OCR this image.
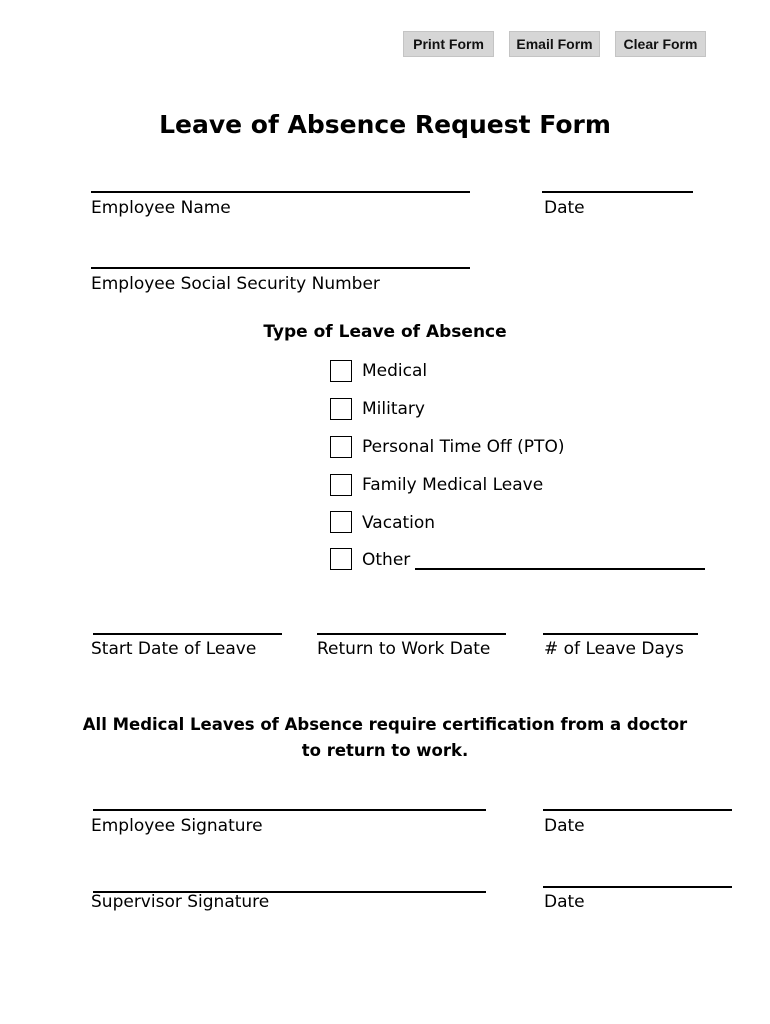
Print Form	Email Form	Clear Form
Leave of Absence Request Form
Employee Name	Date
Employee Social Security Number
Type of Leave of Absence
Medical
Military
Personal Time Off (PTO)
Family Medical Leave
Vacation
Other
Start Date of Leave	Return to Work Date	# of Leave Days
All Medical Leaves of Absence require certification from a doctor
to return to work.
Employee Signature	Date
Supervisor Signature	Date
